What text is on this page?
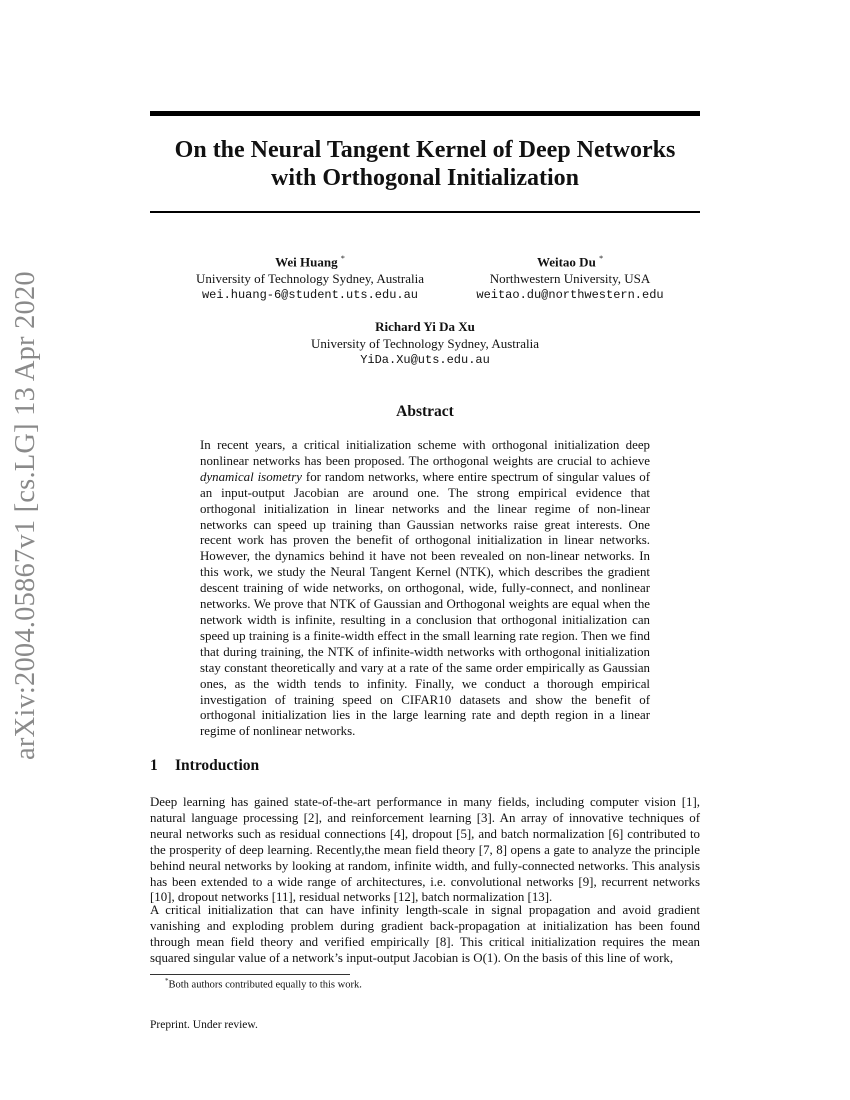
arXiv:2004.05867v1 [cs.LG] 13 Apr 2020
On the Neural Tangent Kernel of Deep Networks with Orthogonal Initialization
Wei Huang *
University of Technology Sydney, Australia
wei.huang-6@student.uts.edu.au
Weitao Du *
Northwestern University, USA
weitao.du@northwestern.edu
Richard Yi Da Xu
University of Technology Sydney, Australia
YiDa.Xu@uts.edu.au
Abstract
In recent years, a critical initialization scheme with orthogonal initialization deep nonlinear networks has been proposed. The orthogonal weights are crucial to achieve dynamical isometry for random networks, where entire spectrum of singular values of an input-output Jacobian are around one. The strong empirical evidence that orthogonal initialization in linear networks and the linear regime of non-linear networks can speed up training than Gaussian networks raise great interests. One recent work has proven the benefit of orthogonal initialization in linear networks. However, the dynamics behind it have not been revealed on non-linear networks. In this work, we study the Neural Tangent Kernel (NTK), which describes the gradient descent training of wide networks, on orthogonal, wide, fully-connect, and nonlinear networks. We prove that NTK of Gaussian and Orthogonal weights are equal when the network width is infinite, resulting in a conclusion that orthogonal initialization can speed up training is a finite-width effect in the small learning rate region. Then we find that during training, the NTK of infinite-width networks with orthogonal initialization stay constant theoretically and vary at a rate of the same order empirically as Gaussian ones, as the width tends to infinity. Finally, we conduct a thorough empirical investigation of training speed on CIFAR10 datasets and show the benefit of orthogonal initialization lies in the large learning rate and depth region in a linear regime of nonlinear networks.
1 Introduction
Deep learning has gained state-of-the-art performance in many fields, including computer vision [1], natural language processing [2], and reinforcement learning [3]. An array of innovative techniques of neural networks such as residual connections [4], dropout [5], and batch normalization [6] contributed to the prosperity of deep learning. Recently,the mean field theory [7, 8] opens a gate to analyze the principle behind neural networks by looking at random, infinite width, and fully-connected networks. This analysis has been extended to a wide range of architectures, i.e. convolutional networks [9], recurrent networks [10], dropout networks [11], residual networks [12], batch normalization [13].
A critical initialization that can have infinity length-scale in signal propagation and avoid gradient vanishing and exploding problem during gradient back-propagation at initialization has been found through mean field theory and verified empirically [8]. This critical initialization requires the mean squared singular value of a network’s input-output Jacobian is O(1). On the basis of this line of work,
*Both authors contributed equally to this work.
Preprint. Under review.
